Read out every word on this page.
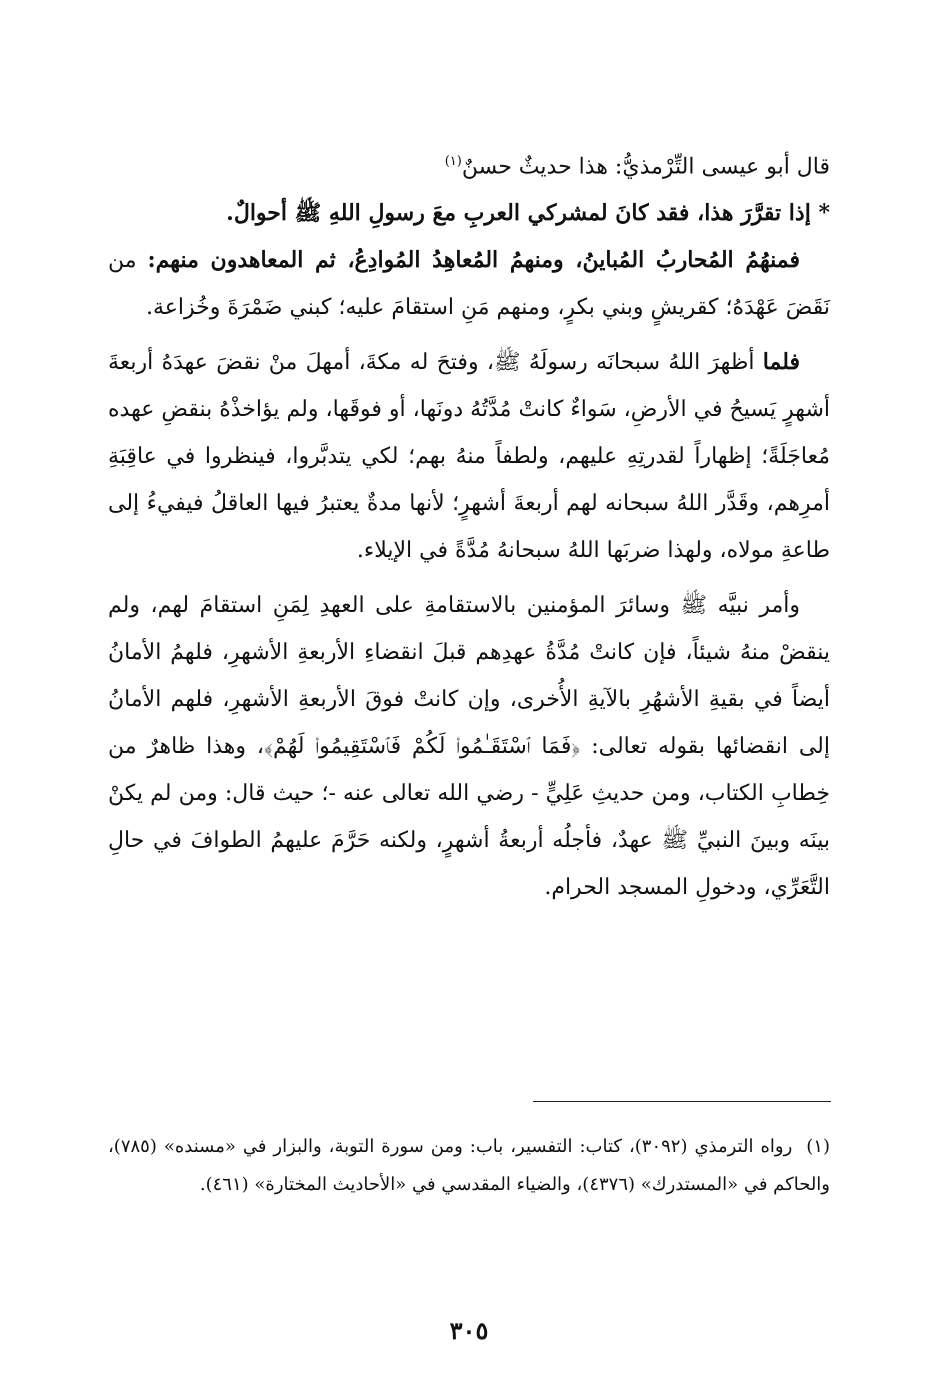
قال أبو عيسى التِّرْمذيُّ: هذا حديثٌ حسنٌ$^{(١)}$

* إذا تقرَّرَ هذا، فقد كانَ لمشركي العربِ معَ رسولِ اللهِ ﷺ أحوالٌ.

فمنهُمُ المُحاربُ المُباينُ، ومنهمُ المُعاهِدُ المُوادِعُ، ثم المعاهدون منهم: من نَقَضَ عَهْدَهُ؛ كقريشٍ وبني بكرٍ، ومنهم مَنِ استقامَ عليه؛ كبني ضَمْرَةَ وخُزاعة.

فلما أظهرَ اللهُ سبحانَه رسولَهُ ﷺ، وفتحَ له مكةَ، أمهلَ منْ نقضَ عهدَهُ أربعةَ أشهرٍ يَسيحُ في الأرضِ، سَواءٌ كانتْ مُدَّتُهُ دونَها، أو فوقَها، ولم يؤاخذْهُ بنقضِ عهده مُعاجَلَةً؛ إظهاراً لقدرتِهِ عليهم، ولطفاً منهُ بهم؛ لكي يتدبَّروا، فينظروا في عاقِبَةِ أمرِهم، وقَدَّر اللهُ سبحانه لهم أربعةَ أشهرٍ؛ لأنها مدةٌ يعتبرُ فيها العاقلُ فيفيءُ إلى طاعةِ مولاه، ولهذا ضربَها اللهُ سبحانهُ مُدَّةً في الإيلاء.

وأمر نبيَّه ﷺ وسائرَ المؤمنين بالاستقامةِ على العهدِ لِمَنِ استقامَ لهم، ولم ينقضْ منهُ شيئاً، فإن كانتْ مُدَّةُ عهدِهم قبلَ انقضاءِ الأربعةِ الأشهرِ، فلهمُ الأمانُ أيضاً في بقيةِ الأشهُرِ بالآيةِ الأُخرى، وإن كانتْ فوقَ الأربعةِ الأشهرِ، فلهم الأمانُ إلى انقضائها بقوله تعالى: ﴿فَمَا ٱسْتَقَـٰمُوا۟ لَكُمْ فَٱسْتَقِيمُوا۟ لَهُمْ﴾، وهذا ظاهرٌ من خِطابِ الكتاب، ومن حديثِ عَلِيٍّ - رضي الله تعالى عنه -؛ حيث قال: ومن لم يكنْ بينَه وبينَ النبيِّ ﷺ عهدٌ، فأجلُه أربعةُ أشهرٍ، ولكنه حَرَّمَ عليهمُ الطوافَ في حالِ التَّعَرِّي، ودخولِ المسجد الحرام.

(١)رواه الترمذي (٣٠٩٢)، كتاب: التفسير، باب: ومن سورة التوبة، والبزار في «مسنده» (٧٨٥)، والحاكم في «المستدرك» (٤٣٧٦)، والضياء المقدسي في «الأحاديث المختارة» (٤٦١).

٣٠٥
